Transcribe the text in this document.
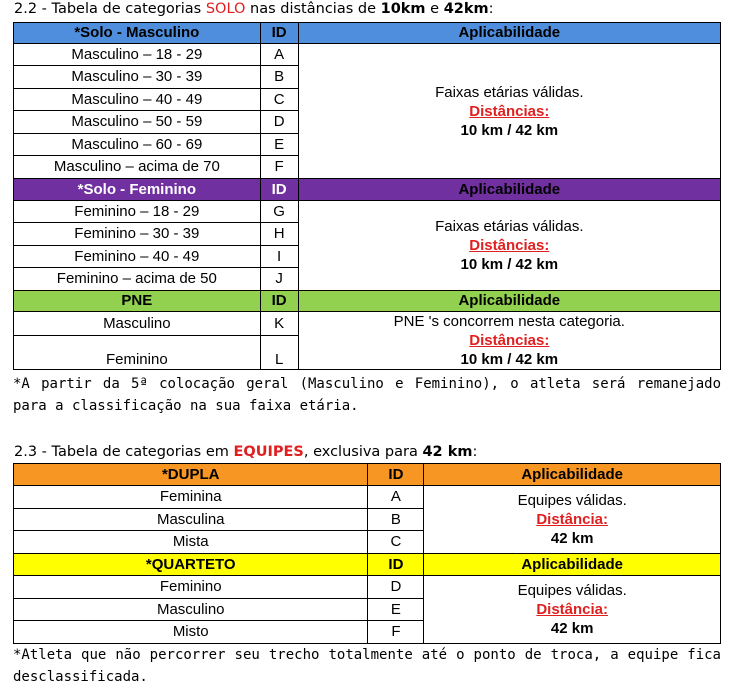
2.2 - Tabela de categorias SOLO nas distâncias de 10km e 42km:
*Solo - Masculino	ID	Aplicabilidade
Masculino – 18 - 29	A	Faixas etárias válidas.
Distâncias:
10 km / 42 km

Masculino – 30 - 39	B	
Masculino – 40 - 49	C	
Masculino – 50 - 59	D	
Masculino – 60 - 69	E	
Masculino – acima de 70	F	
*Solo - Feminino	ID	Aplicabilidade
Feminino – 18 - 29	G	Faixas etárias válidas.
Distâncias:
10 km / 42 km

Feminino – 30 - 39	H	
Feminino – 40 - 49	I	
Feminino – acima de 50	J	
PNE	ID	Aplicabilidade
Masculino	K	PNE 's concorrem nesta categoria.
Distâncias:
10 km / 42 km

Feminino	L	
*A partir da 5ª colocação geral (Masculino e Feminino), o atleta será remanejado para a classificação na sua faixa etária.
2.3 - Tabela de categorias em EQUIPES, exclusiva para 42 km:
*DUPLA	ID	Aplicabilidade
Feminina	A	Equipes válidas.
Distância:
42 km

Masculina	B	
Mista	C	
*QUARTETO	ID	Aplicabilidade
Feminino	D	Equipes válidas.
Distância:
42 km

Masculino	E	
Misto	F	
*Atleta que não percorrer seu trecho totalmente até o ponto de troca, a equipe fica desclassificada.
